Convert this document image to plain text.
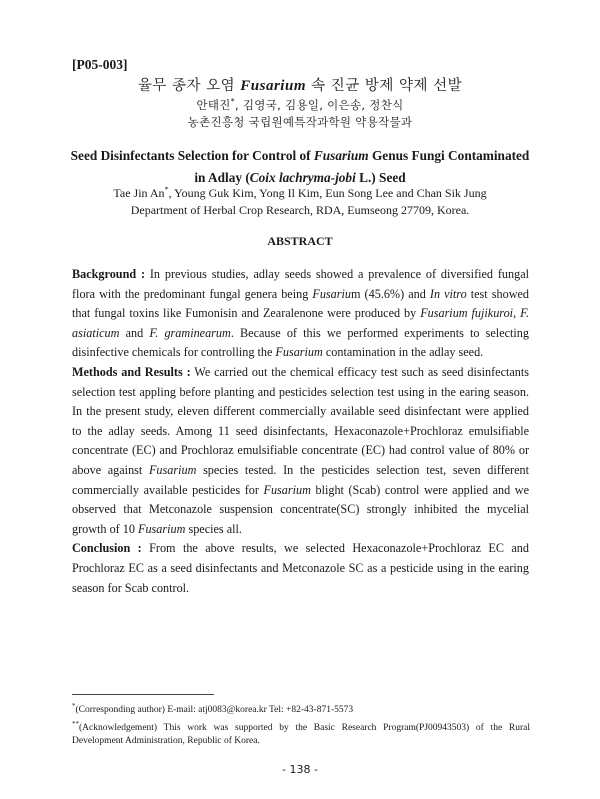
[P05-003]
율무 종자 오염 Fusarium 속 진균 방제 약제 선발
안태진*, 김영국, 김용일, 이은송, 정찬식
농촌진흥청 국립원예특작과학원 약용작물과
Seed Disinfectants Selection for Control of Fusarium Genus Fungi Contaminated
in Adlay (Coix lachryma-jobi L.) Seed
Tae Jin An*, Young Guk Kim, Yong Il Kim, Eun Song Lee and Chan Sik Jung
Department of Herbal Crop Research, RDA, Eumseong 27709, Korea.
ABSTRACT

Background : In previous studies, adlay seeds showed a prevalence of diversified fungal flora with the predominant fungal genera being Fusarium (45.6%) and In vitro test showed that fungal toxins like Fumonisin and Zearalenone were produced by Fusarium fujikuroi, F. asiaticum and F. graminearum. Because of this we performed experiments to selecting disinfective chemicals for controlling the Fusarium contamination in the adlay seed.

Methods and Results : We carried out the chemical efficacy test such as seed disinfectants selection test appling before planting and pesticides selection test using in the earing season. In the present study, eleven different commercially available seed disinfectant were applied to the adlay seeds. Among 11 seed disinfectants, Hexaconazole+Prochloraz emulsifiable concentrate (EC) and Prochloraz emulsifiable concentrate (EC) had control value of 80% or above against Fusarium species tested. In the pesticides selection test, seven different commercially available pesticides for Fusarium blight (Scab) control were applied and we observed that Metconazole suspension concentrate(SC) strongly inhibited the mycelial growth of 10 Fusarium species all.

Conclusion : From the above results, we selected Hexaconazole+Prochloraz EC and Prochloraz EC as a seed disinfectants and Metconazole SC as a pesticide using in the earing season for Scab control.

*(Corresponding author) E-mail: atj0083@korea.kr Tel: +82-43-871-5573

**(Acknowledgement) This work was supported by the Basic Research Program(PJ00943503) of the Rural Development Administration, Republic of Korea.

- 138 -
